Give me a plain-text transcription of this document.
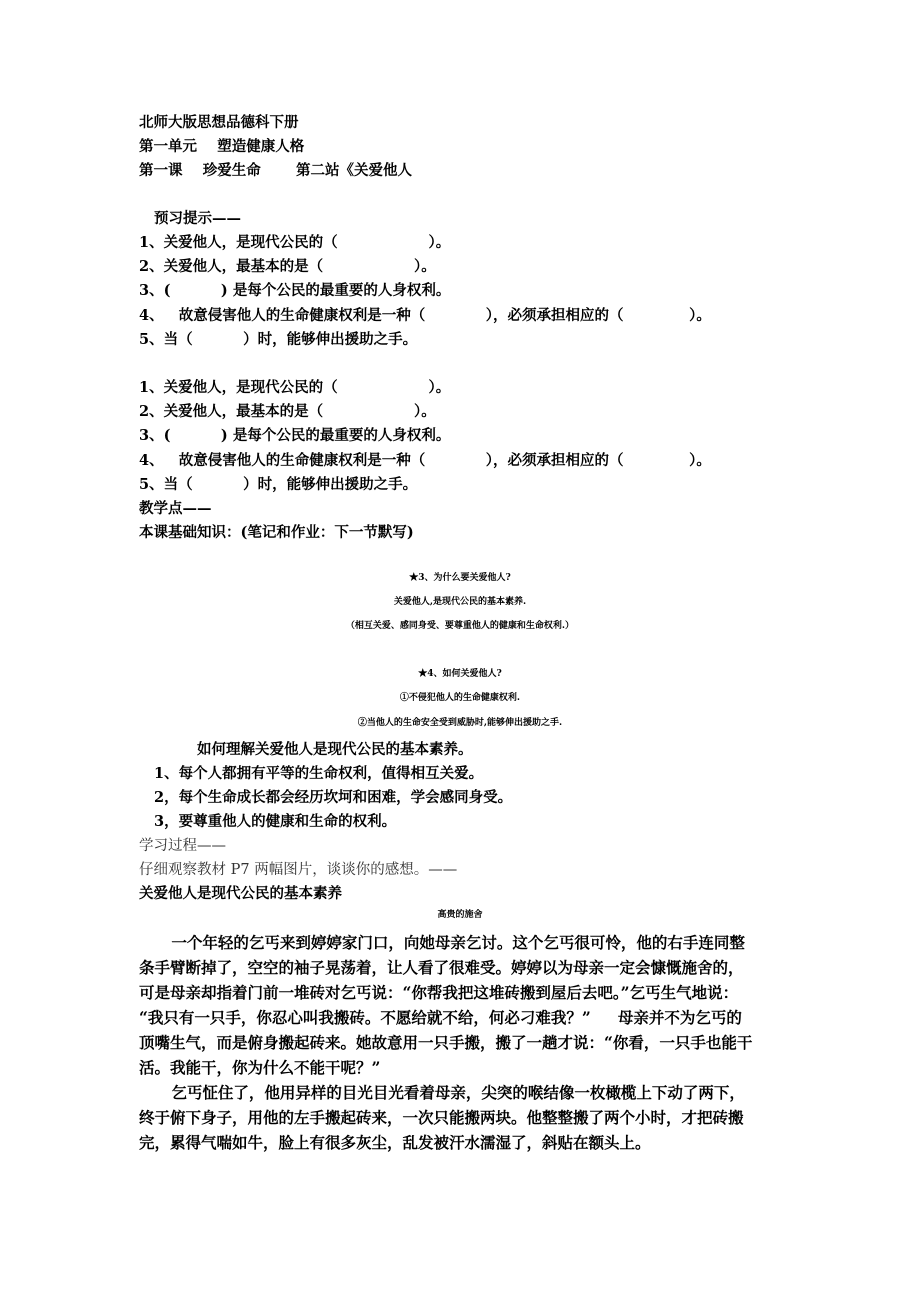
北师大版思想品德科下册
第一单元    塑造健康人格
第一课    珍爱生命       第二站《关爱他人
预习提示——
1、关爱他人，是现代公民的（                  ）。
2、关爱他人，最基本的是（                  ）。
3、(          ) 是每个公民的最重要的人身权利。
4、   故意侵害他人的生命健康权利是一种（            ），必须承担相应的（             ）。
5、当（          ）时，能够伸出援助之手。
1、关爱他人，是现代公民的（                  ）。
2、关爱他人，最基本的是（                  ）。
3、(          ) 是每个公民的最重要的人身权利。
4、   故意侵害他人的生命健康权利是一种（            ），必须承担相应的（             ）。
5、当（          ）时，能够伸出援助之手。
教学点——
本课基础知识：(笔记和作业：下一节默写)
★3、为什么要关爱他人?
关爱他人,是现代公民的基本素养.
（相互关爱、感同身受、要尊重他人的健康和生命权利.）
★4、如何关爱他人?
①不侵犯他人的生命健康权利.
②当他人的生命安全受到威胁时,能够伸出援助之手.
如何理解关爱他人是现代公民的基本素养。
1、每个人都拥有平等的生命权利，值得相互关爱。
2，每个生命成长都会经历坎坷和困难，学会感同身受。
3，要尊重他人的健康和生命的权利。
学习过程——
仔细观察教材 P7 两幅图片，谈谈你的感想。——
关爱他人是现代公民的基本素养
高贵的施舍
一个年轻的乞丐来到婷婷家门口，向她母亲乞讨。这个乞丐很可怜，他的右手连同整
条手臂断掉了，空空的袖子晃荡着，让人看了很难受。婷婷以为母亲一定会慷慨施舍的，
可是母亲却指着门前一堆砖对乞丐说：“你帮我把这堆砖搬到屋后去吧。”乞丐生气地说：
“我只有一只手，你忍心叫我搬砖。不愿给就不给，何必刁难我？”     母亲并不为乞丐的
顶嘴生气，而是俯身搬起砖来。她故意用一只手搬，搬了一趟才说：“你看，一只手也能干
活。我能干，你为什么不能干呢？”
乞丐怔住了，他用异样的目光目光看着母亲，尖突的喉结像一枚橄榄上下动了两下，
终于俯下身子，用他的左手搬起砖来，一次只能搬两块。他整整搬了两个小时，才把砖搬
完，累得气喘如牛，脸上有很多灰尘，乱发被汗水濡湿了，斜贴在额头上。
